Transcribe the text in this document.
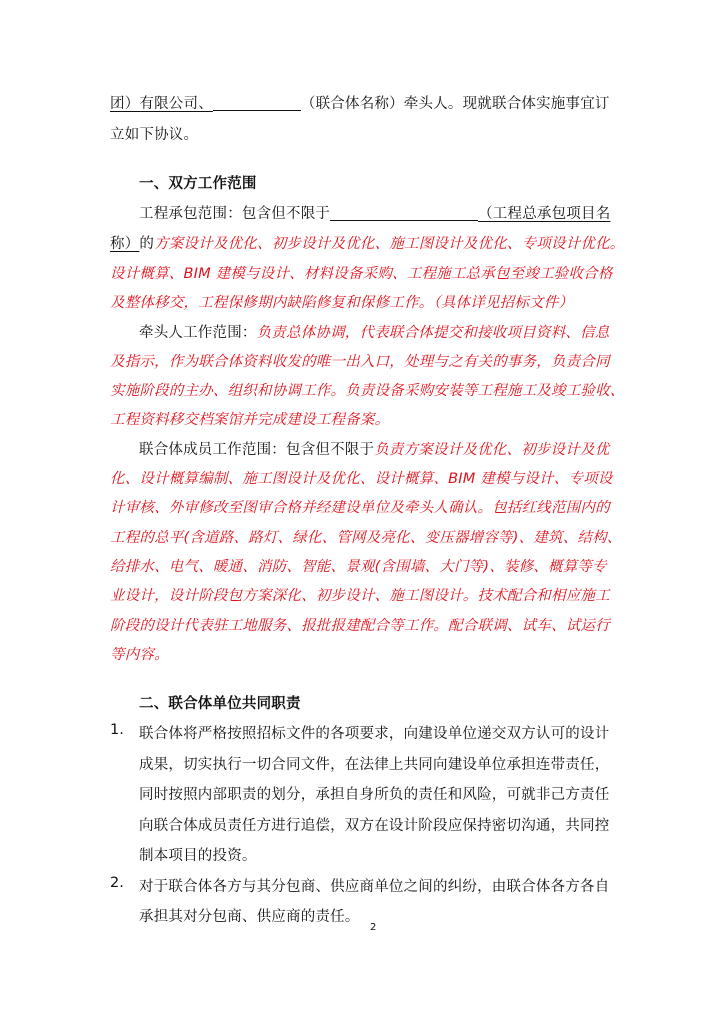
团）有限公司、	（联合体名称）牵头人。现就联合体实施事宜订
立如下协议。
一、双方工作范围
工程承包范围：包含但不限于	（工程总承包项目名
称）的方案设计及优化、初步设计及优化、施工图设计及优化、专项设计优化。
设计概算、BIM 建模与设计、材料设备采购、工程施工总承包至竣工验收合格
及整体移交，工程保修期内缺陷修复和保修工作。（具体详见招标文件）
牵头人工作范围：负责总体协调，代表联合体提交和接收项目资料、信息
及指示，作为联合体资料收发的唯一出入口，处理与之有关的事务，负责合同
实施阶段的主办、组织和协调工作。负责设备采购安装等工程施工及竣工验收、
工程资料移交档案馆并完成建设工程备案。
联合体成员工作范围：包含但不限于负责方案设计及优化、初步设计及优
化、设计概算编制、施工图设计及优化、设计概算、BIM 建模与设计、专项设
计审核、外审修改至图审合格并经建设单位及牵头人确认。包括红线范围内的
工程的总平(含道路、路灯、绿化、管网及亮化、变压器增容等)、建筑、结构、
给排水、电气、暖通、消防、智能、景观(含围墙、大门等)、装修、概算等专
业设计，设计阶段包方案深化、初步设计、施工图设计。技术配合和相应施工
阶段的设计代表驻工地服务、报批报建配合等工作。配合联调、试车、试运行
等内容。
二、联合体单位共同职责
1. 联合体将严格按照招标文件的各项要求，向建设单位递交双方认可的设计
成果，切实执行一切合同文件，在法律上共同向建设单位承担连带责任，
同时按照内部职责的划分，承担自身所负的责任和风险，可就非己方责任
向联合体成员责任方进行追偿，双方在设计阶段应保持密切沟通，共同控
制本项目的投资。
2. 对于联合体各方与其分包商、供应商单位之间的纠纷，由联合体各方各自
承担其对分包商、供应商的责任。
2
